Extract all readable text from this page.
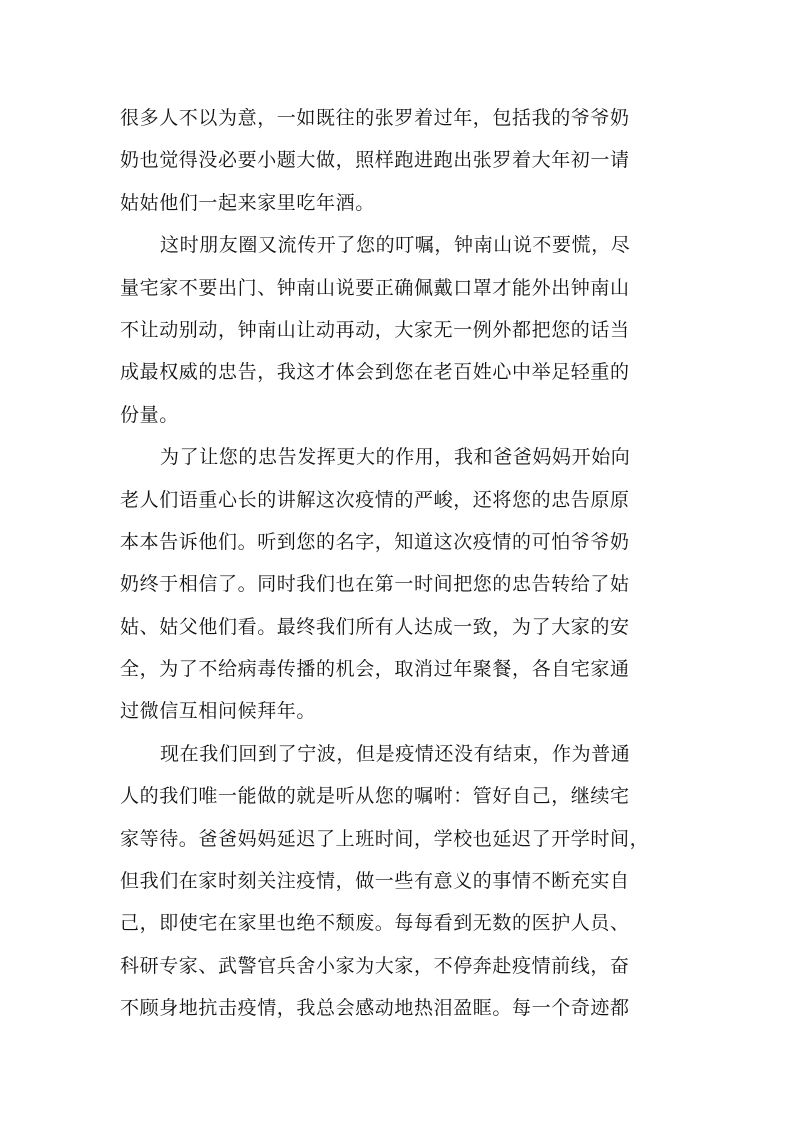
很多人不以为意，一如既往的张罗着过年，包括我的爷爷奶
奶也觉得没必要小题大做，照样跑进跑出张罗着大年初一请
姑姑他们一起来家里吃年酒。
这时朋友圈又流传开了您的叮嘱，钟南山说不要慌，尽
量宅家不要出门、钟南山说要正确佩戴口罩才能外出钟南山
不让动别动，钟南山让动再动，大家无一例外都把您的话当
成最权威的忠告，我这才体会到您在老百姓心中举足轻重的
份量。
为了让您的忠告发挥更大的作用，我和爸爸妈妈开始向
老人们语重心长的讲解这次疫情的严峻，还将您的忠告原原
本本告诉他们。听到您的名字，知道这次疫情的可怕爷爷奶
奶终于相信了。同时我们也在第一时间把您的忠告转给了姑
姑、姑父他们看。最终我们所有人达成一致，为了大家的安
全，为了不给病毒传播的机会，取消过年聚餐，各自宅家通
过微信互相问候拜年。
现在我们回到了宁波，但是疫情还没有结束，作为普通
人的我们唯一能做的就是听从您的嘱咐：管好自己，继续宅
家等待。爸爸妈妈延迟了上班时间，学校也延迟了开学时间，
但我们在家时刻关注疫情，做一些有意义的事情不断充实自
己，即使宅在家里也绝不颓废。每每看到无数的医护人员、
科研专家、武警官兵舍小家为大家，不停奔赴疫情前线，奋
不顾身地抗击疫情，我总会感动地热泪盈眶。每一个奇迹都
